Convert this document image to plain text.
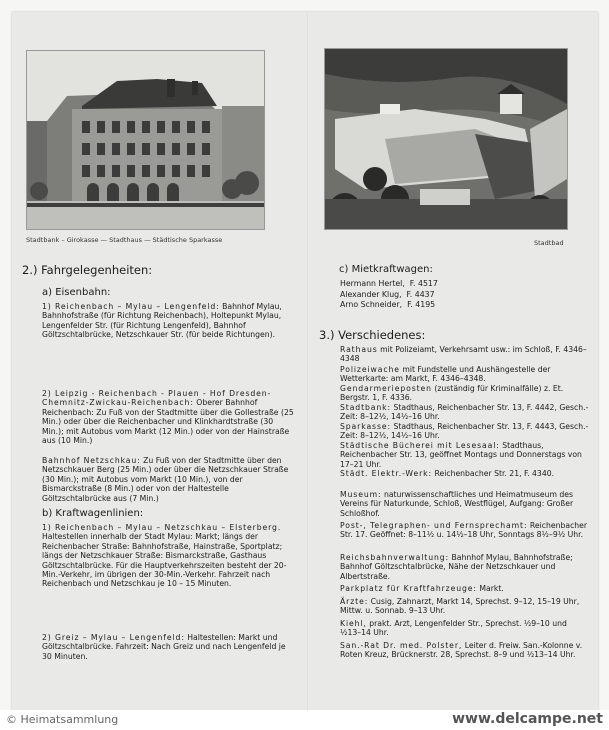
Stadtbank – Girokasse — Stadthaus — Städtische Sparkasse
2.) Fahrgelegenheiten:
a) Eisenbahn:
1) Reichenbach – Mylau – Lengenfeld: Bahnhof Mylau, Bahnhofstraße (für Richtung Reichenbach), Holtepunkt Mylau, Lengenfelder Str. (für Richtung Lengenfeld), Bahnhof Göltzschtalbrücke, Netzschkauer Str. (für beide Richtungen).
2) Leipzig - Reichenbach - Plauen - Hof Dresden-Chemnitz-Zwickau-Reichenbach: Oberer Bahnhof Reichenbach: Zu Fuß von der Stadtmitte über die Gollestraße (25 Min.) oder über die Reichenbacher und Klinkhardtstraße (30 Min.); mit Autobus vom Markt (12 Min.) oder von der Hainstraße aus (10 Min.)
Bahnhof Netzschkau: Zu Fuß von der Stadtmitte über den Netzschkauer Berg (25 Min.) oder über die Netzschkauer Straße (30 Min.); mit Autobus vom Markt (10 Min.), von der Bismarckstraße (8 Min.) oder von der Haltestelle Göltzschtalbrücke aus (7 Min.)
b) Kraftwagenlinien:
1) Reichenbach – Mylau – Netzschkau – Elsterberg. Haltestellen innerhalb der Stadt Mylau: Markt; längs der Reichenbacher Straße: Bahnhofstraße, Hainstraße, Sportplatz; längs der Netzschkauer Straße: Bismarckstraße, Gasthaus Göltzschtalbrücke. Für die Hauptverkehrszeiten besteht der 20-Min.-Verkehr, im übrigen der 30-Min.-Verkehr. Fahrzeit nach Reichenbach und Netzschkau je 10 – 15 Minuten.
2) Greiz – Mylau – Lengenfeld: Haltestellen: Markt und Göltzschtalbrücke. Fahrzeit: Nach Greiz und nach Lengenfeld je 30 Minuten.
Stadtbad
c) Mietkraftwagen:
Hermann Hertel, F. 4517
Alexander Klug, F. 4437
Arno Schneider, F. 4195
3.) Verschiedenes:
Rathaus mit Polizeiamt, Verkehrsamt usw.: im Schloß, F. 4346–4348
Polizeiwache mit Fundstelle und Aushängestelle der Wetterkarte: am Markt, F. 4346–4348.
Gendarmerieposten (zuständig für Kriminalfälle) z. Et. Bergstr. 1, F. 4336.
Stadtbank: Stadthaus, Reichenbacher Str. 13, F. 4442, Gesch.-Zeit: 8–12½, 14½–16 Uhr.
Sparkasse: Stadthaus, Reichenbacher Str. 13, F. 4443, Gesch.-Zeit: 8–12½, 14½–16 Uhr.
Städtische Bücherei mit Lesesaal: Stadthaus, Reichenbacher Str. 13, geöffnet Montags und Donnerstags von 17–21 Uhr.
Städt. Elektr.-Werk: Reichenbacher Str. 21, F. 4340.
Museum: naturwissenschaftliches und Heimatmuseum des Vereins für Naturkunde, Schloß, Westflügel, Aufgang: Großer Schloßhof.
Post-, Telegraphen- und Fernsprechamt: Reichenbacher Str. 17. Geöffnet: 8–11½ u. 14½–18 Uhr, Sonntags 8½–9½ Uhr.
Reichsbahnverwaltung: Bahnhof Mylau, Bahnhofstraße; Bahnhof Göltzschtalbrücke, Nähe der Netzschkauer und Albertstraße.
Parkplatz für Kraftfahrzeuge: Markt.
Ärzte: Cusig, Zahnarzt, Markt 14, Sprechst. 9–12, 15–19 Uhr, Mittw. u. Sonnab. 9–13 Uhr.
Kiehl, prakt. Arzt, Lengenfelder Str., Sprechst. ½9–10 und ½13–14 Uhr.
San.-Rat Dr. med. Polster, Leiter d. Freiw. San.-Kolonne v. Roten Kreuz, Brücknerstr. 28, Sprechst. 8–9 und ½13–14 Uhr.
© Heimatsammlung	www.delcampe.net
